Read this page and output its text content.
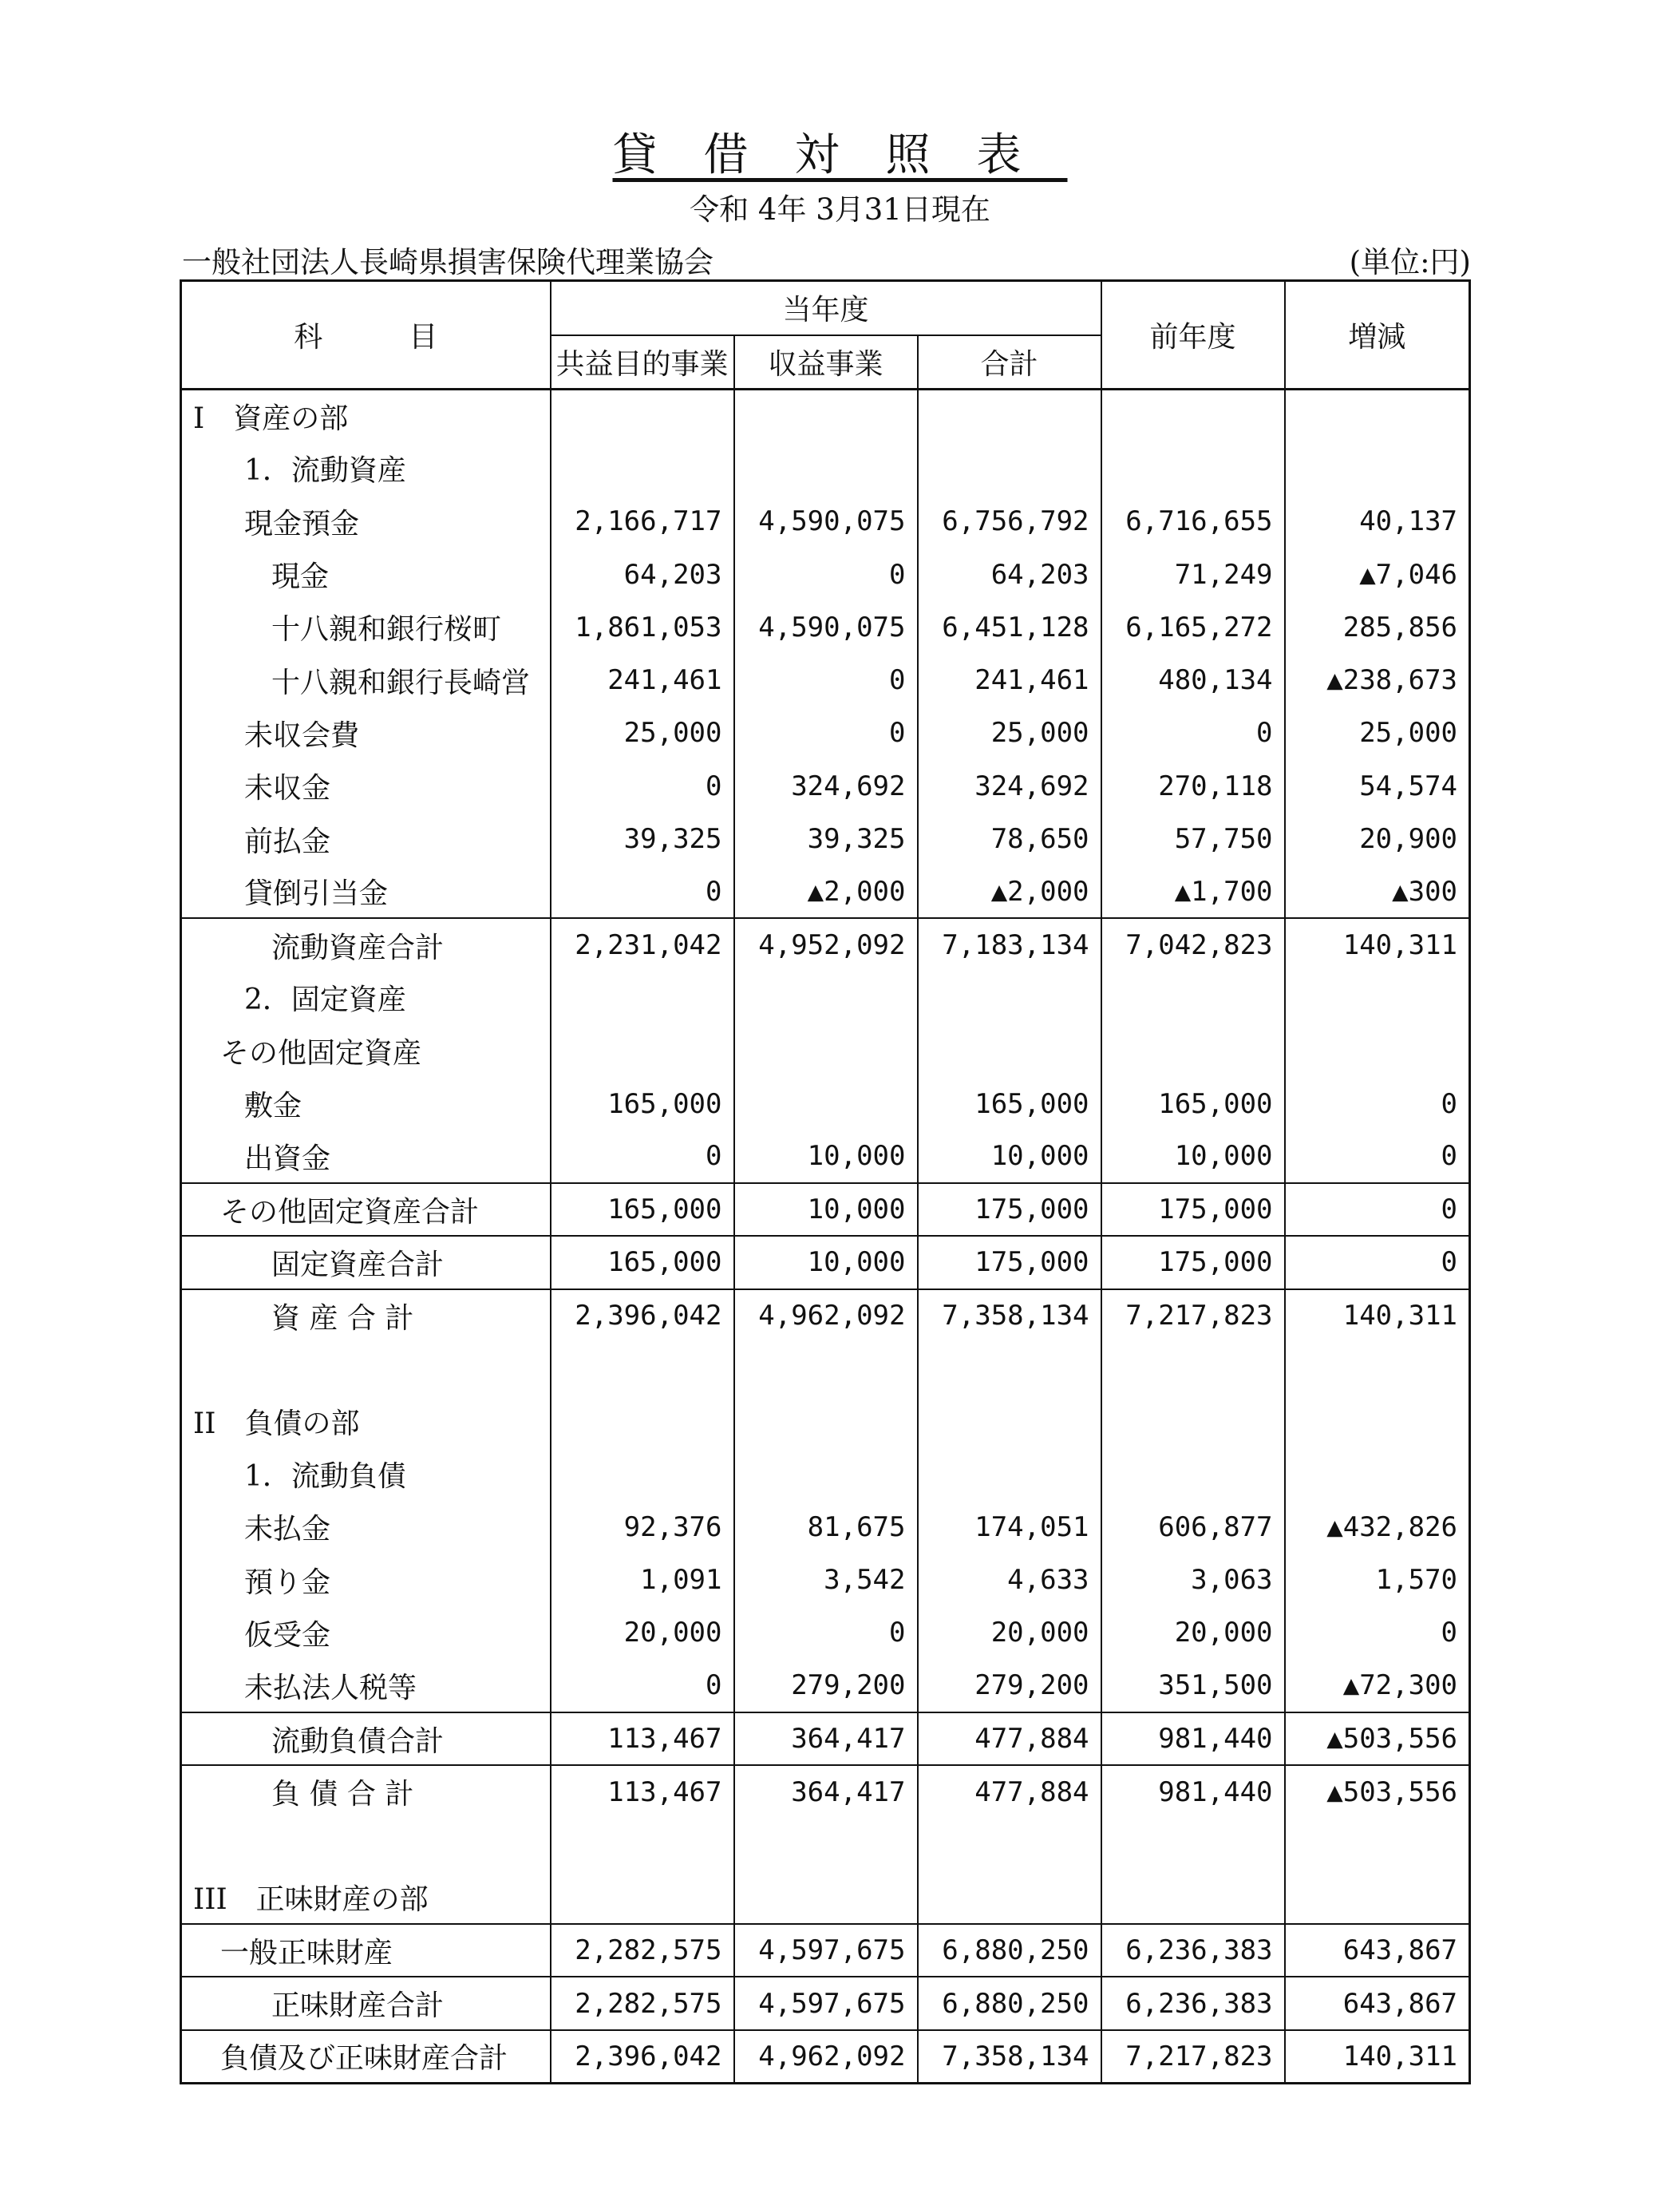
貸借対照表
令和 4年 3月31日現在
一般社団法人長崎県損害保険代理業協会	(単位:円)
科　　　目	当年度			前年度	増減
	共益目的事業	収益事業	合計		
I　資産の部					
1．流動資産					
現金預金	2,166,717	4,590,075	6,756,792	6,716,655	40,137
現金	64,203	0	64,203	71,249	▲7,046
十八親和銀行桜町	1,861,053	4,590,075	6,451,128	6,165,272	285,856
十八親和銀行長崎営	241,461	0	241,461	480,134	▲238,673
未収会費	25,000	0	25,000	0	25,000
未収金	0	324,692	324,692	270,118	54,574
前払金	39,325	39,325	78,650	57,750	20,900
貸倒引当金	0	▲2,000	▲2,000	▲1,700	▲300
流動資産合計	2,231,042	4,952,092	7,183,134	7,042,823	140,311
2．固定資産					
その他固定資産					
敷金	165,000		165,000	165,000	0
出資金	0	10,000	10,000	10,000	0
その他固定資産合計	165,000	10,000	175,000	175,000	0
固定資産合計	165,000	10,000	175,000	175,000	0
資 産 合 計	2,396,042	4,962,092	7,358,134	7,217,823	140,311

II　負債の部					
1．流動負債					
未払金	92,376	81,675	174,051	606,877	▲432,826
預り金	1,091	3,542	4,633	3,063	1,570
仮受金	20,000	0	20,000	20,000	0
未払法人税等	0	279,200	279,200	351,500	▲72,300
流動負債合計	113,467	364,417	477,884	981,440	▲503,556
負 債 合 計	113,467	364,417	477,884	981,440	▲503,556

III　正味財産の部					
一般正味財産	2,282,575	4,597,675	6,880,250	6,236,383	643,867
正味財産合計	2,282,575	4,597,675	6,880,250	6,236,383	643,867
負債及び正味財産合計	2,396,042	4,962,092	7,358,134	7,217,823	140,311
